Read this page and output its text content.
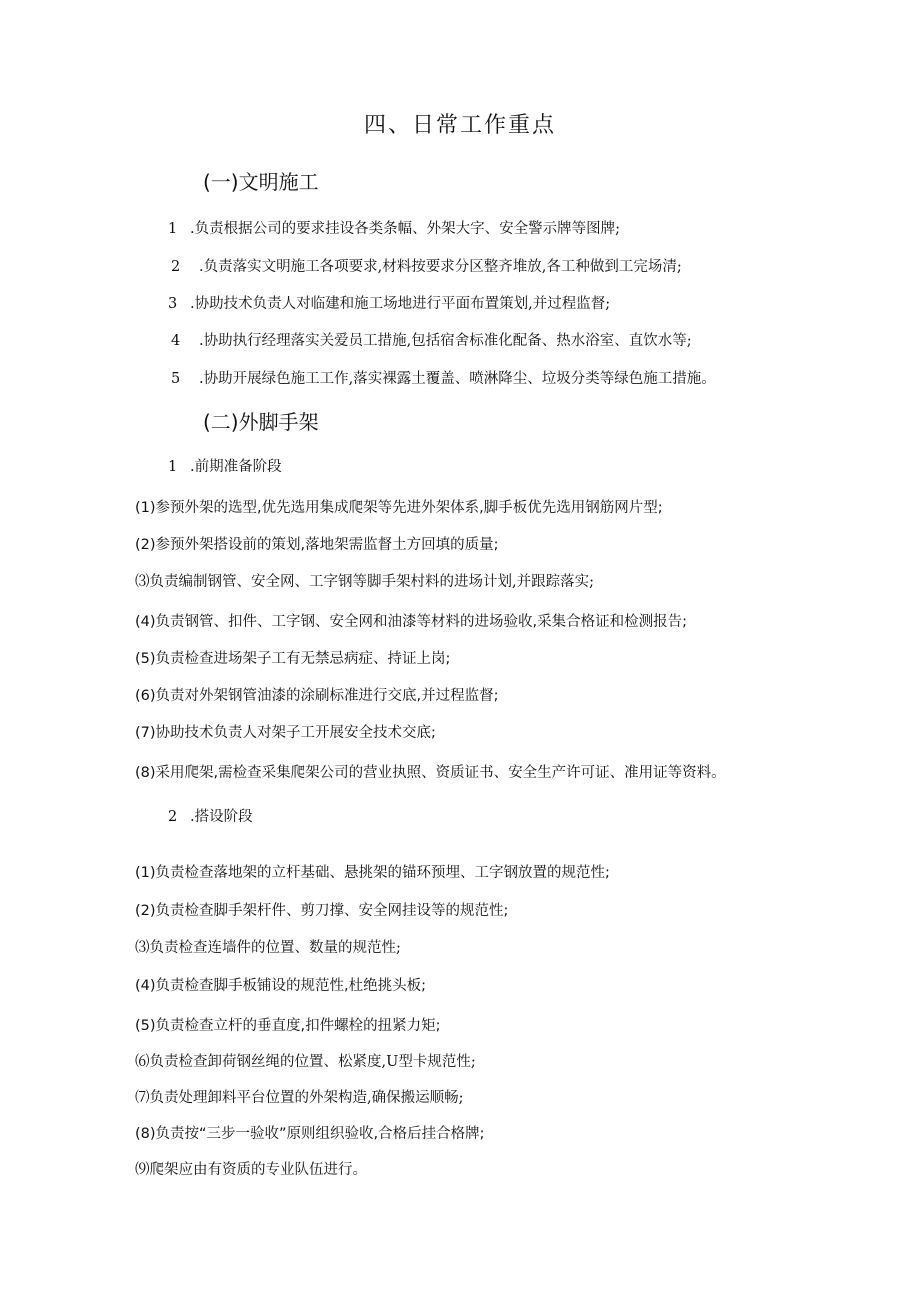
四、日常工作重点
(一)文明施工
1 .负责根据公司的要求挂设各类条幅、外架大字、安全警示牌等图牌;
2 .负责落实文明施工各项要求,材料按要求分区整齐堆放,各工种做到工完场清;
3 .协助技术负责人对临建和施工场地进行平面布置策划,并过程监督;
4 .协助执行经理落实关爱员工措施,包括宿舍标准化配备、热水浴室、直饮水等;
5 .协助开展绿色施工工作,落实裸露土覆盖、喷淋降尘、垃圾分类等绿色施工措施。
(二)外脚手架
1 .前期准备阶段
(1)参预外架的选型,优先选用集成爬架等先进外架体系,脚手板优先选用钢筋网片型;
(2)参预外架搭设前的策划,落地架需监督土方回填的质量;
⑶负责编制钢管、安全网、工字钢等脚手架村料的进场计划,并跟踪落实;
(4)负责钢管、扣件、工字钢、安全网和油漆等材料的进场验收,采集合格证和检测报告;
(5)负责检查进场架子工有无禁忌病症、持证上岗;
(6)负责对外架钢管油漆的涂刷标准进行交底,并过程监督;
(7)协助技术负责人对架子工开展安全技术交底;
(8)采用爬架,需检查采集爬架公司的营业执照、资质证书、安全生产许可证、准用证等资料。
2 .搭设阶段
(1)负责检查落地架的立杆基础、悬挑架的锚环预埋、工字钢放置的规范性;
(2)负责检查脚手架杆件、剪刀撑、安全网挂设等的规范性;
⑶负责检查连墙件的位置、数量的规范性;
(4)负责检查脚手板铺设的规范性,杜绝挑头板;
(5)负责检查立杆的垂直度,扣件螺栓的扭紧力矩;
⑹负责检查卸荷钢丝绳的位置、松紧度,U型卡规范性;
⑺负责处理卸料平台位置的外架构造,确保搬运顺畅;
(8)负责按“三步一验收”原则组织验收,合格后挂合格牌;
⑼爬架应由有资质的专业队伍进行。
